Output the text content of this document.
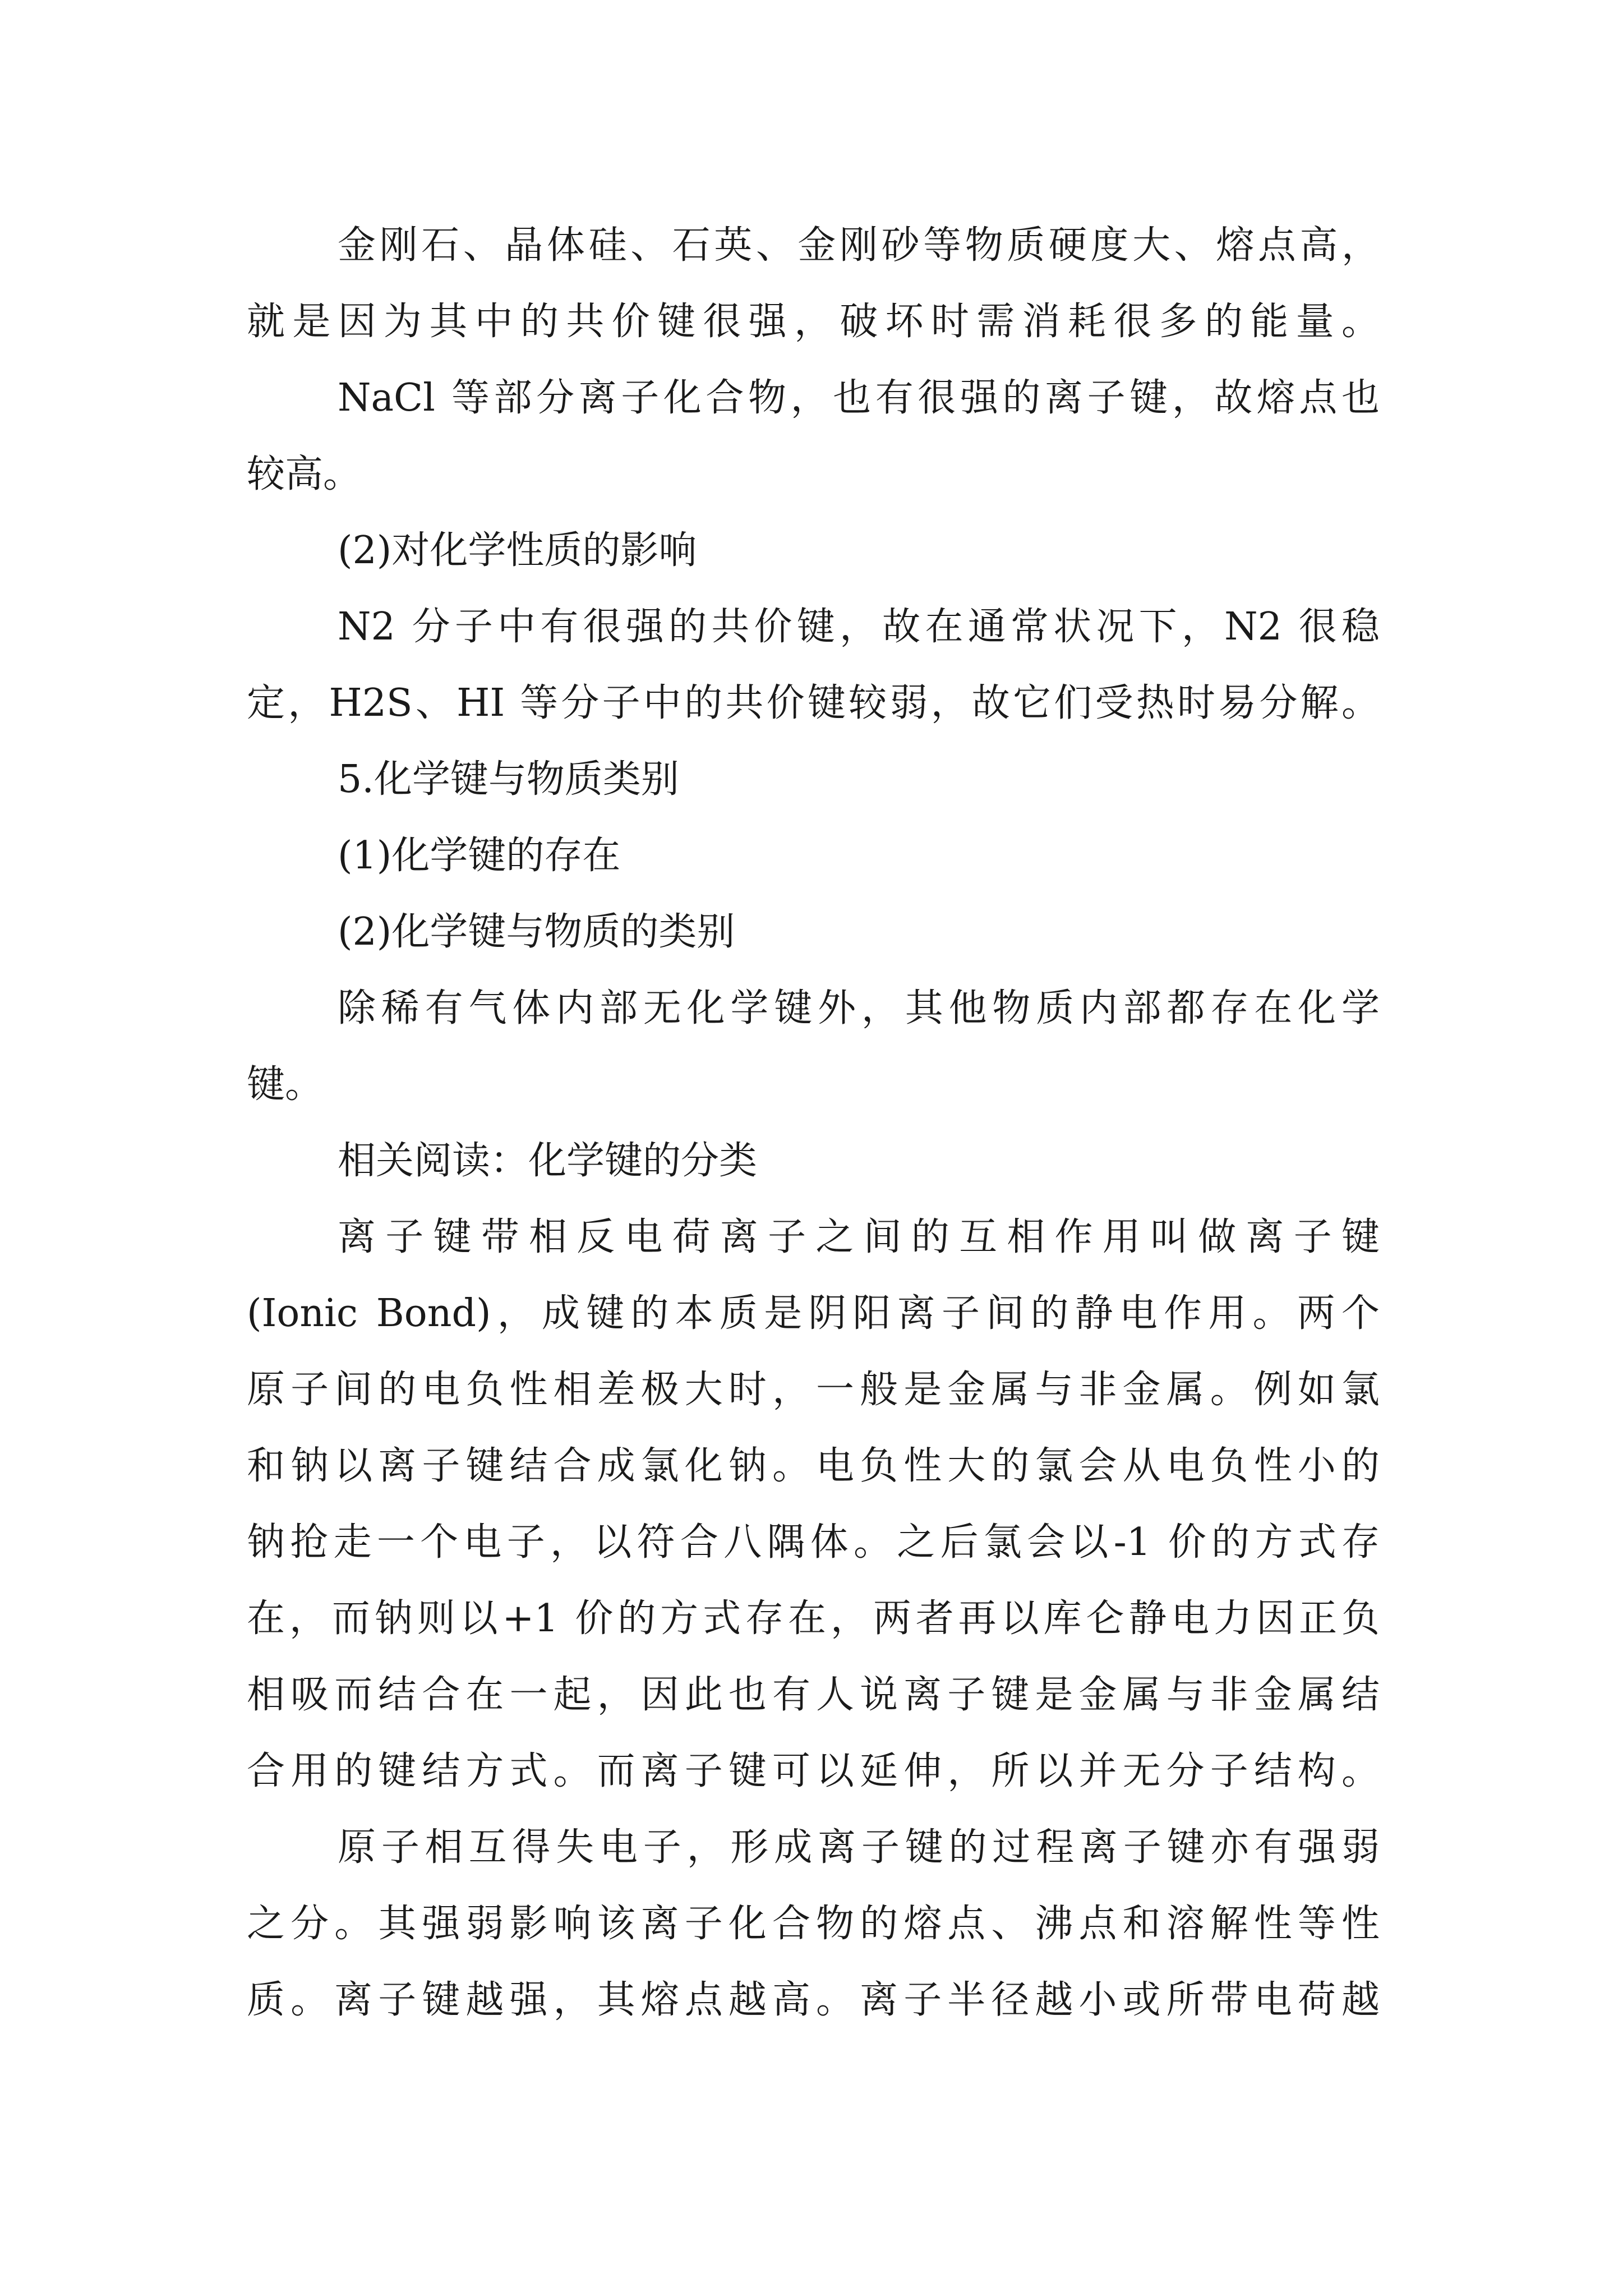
金刚石、晶体硅、石英、金刚砂等物质硬度大、熔点高，
就是因为其中的共价键很强，破坏时需消耗很多的能量。
NaCl 等部分离子化合物，也有很强的离子键，故熔点也
较高。
(2)对化学性质的影响
N2 分子中有很强的共价键，故在通常状况下，N2 很稳
定，H2S、HI 等分子中的共价键较弱，故它们受热时易分解。
5.化学键与物质类别
(1)化学键的存在
(2)化学键与物质的类别
除稀有气体内部无化学键外，其他物质内部都存在化学
键。
相关阅读：化学键的分类
离子键带相反电荷离子之间的互相作用叫做离子键
(Ionic Bond)，成键的本质是阴阳离子间的静电作用。两个
原子间的电负性相差极大时，一般是金属与非金属。例如氯
和钠以离子键结合成氯化钠。电负性大的氯会从电负性小的
钠抢走一个电子，以符合八隅体。之后氯会以-1 价的方式存
在，而钠则以+1 价的方式存在，两者再以库仑静电力因正负
相吸而结合在一起，因此也有人说离子键是金属与非金属结
合用的键结方式。而离子键可以延伸，所以并无分子结构。
原子相互得失电子，形成离子键的过程离子键亦有强弱
之分。其强弱影响该离子化合物的熔点、沸点和溶解性等性
质。离子键越强，其熔点越高。离子半径越小或所带电荷越
